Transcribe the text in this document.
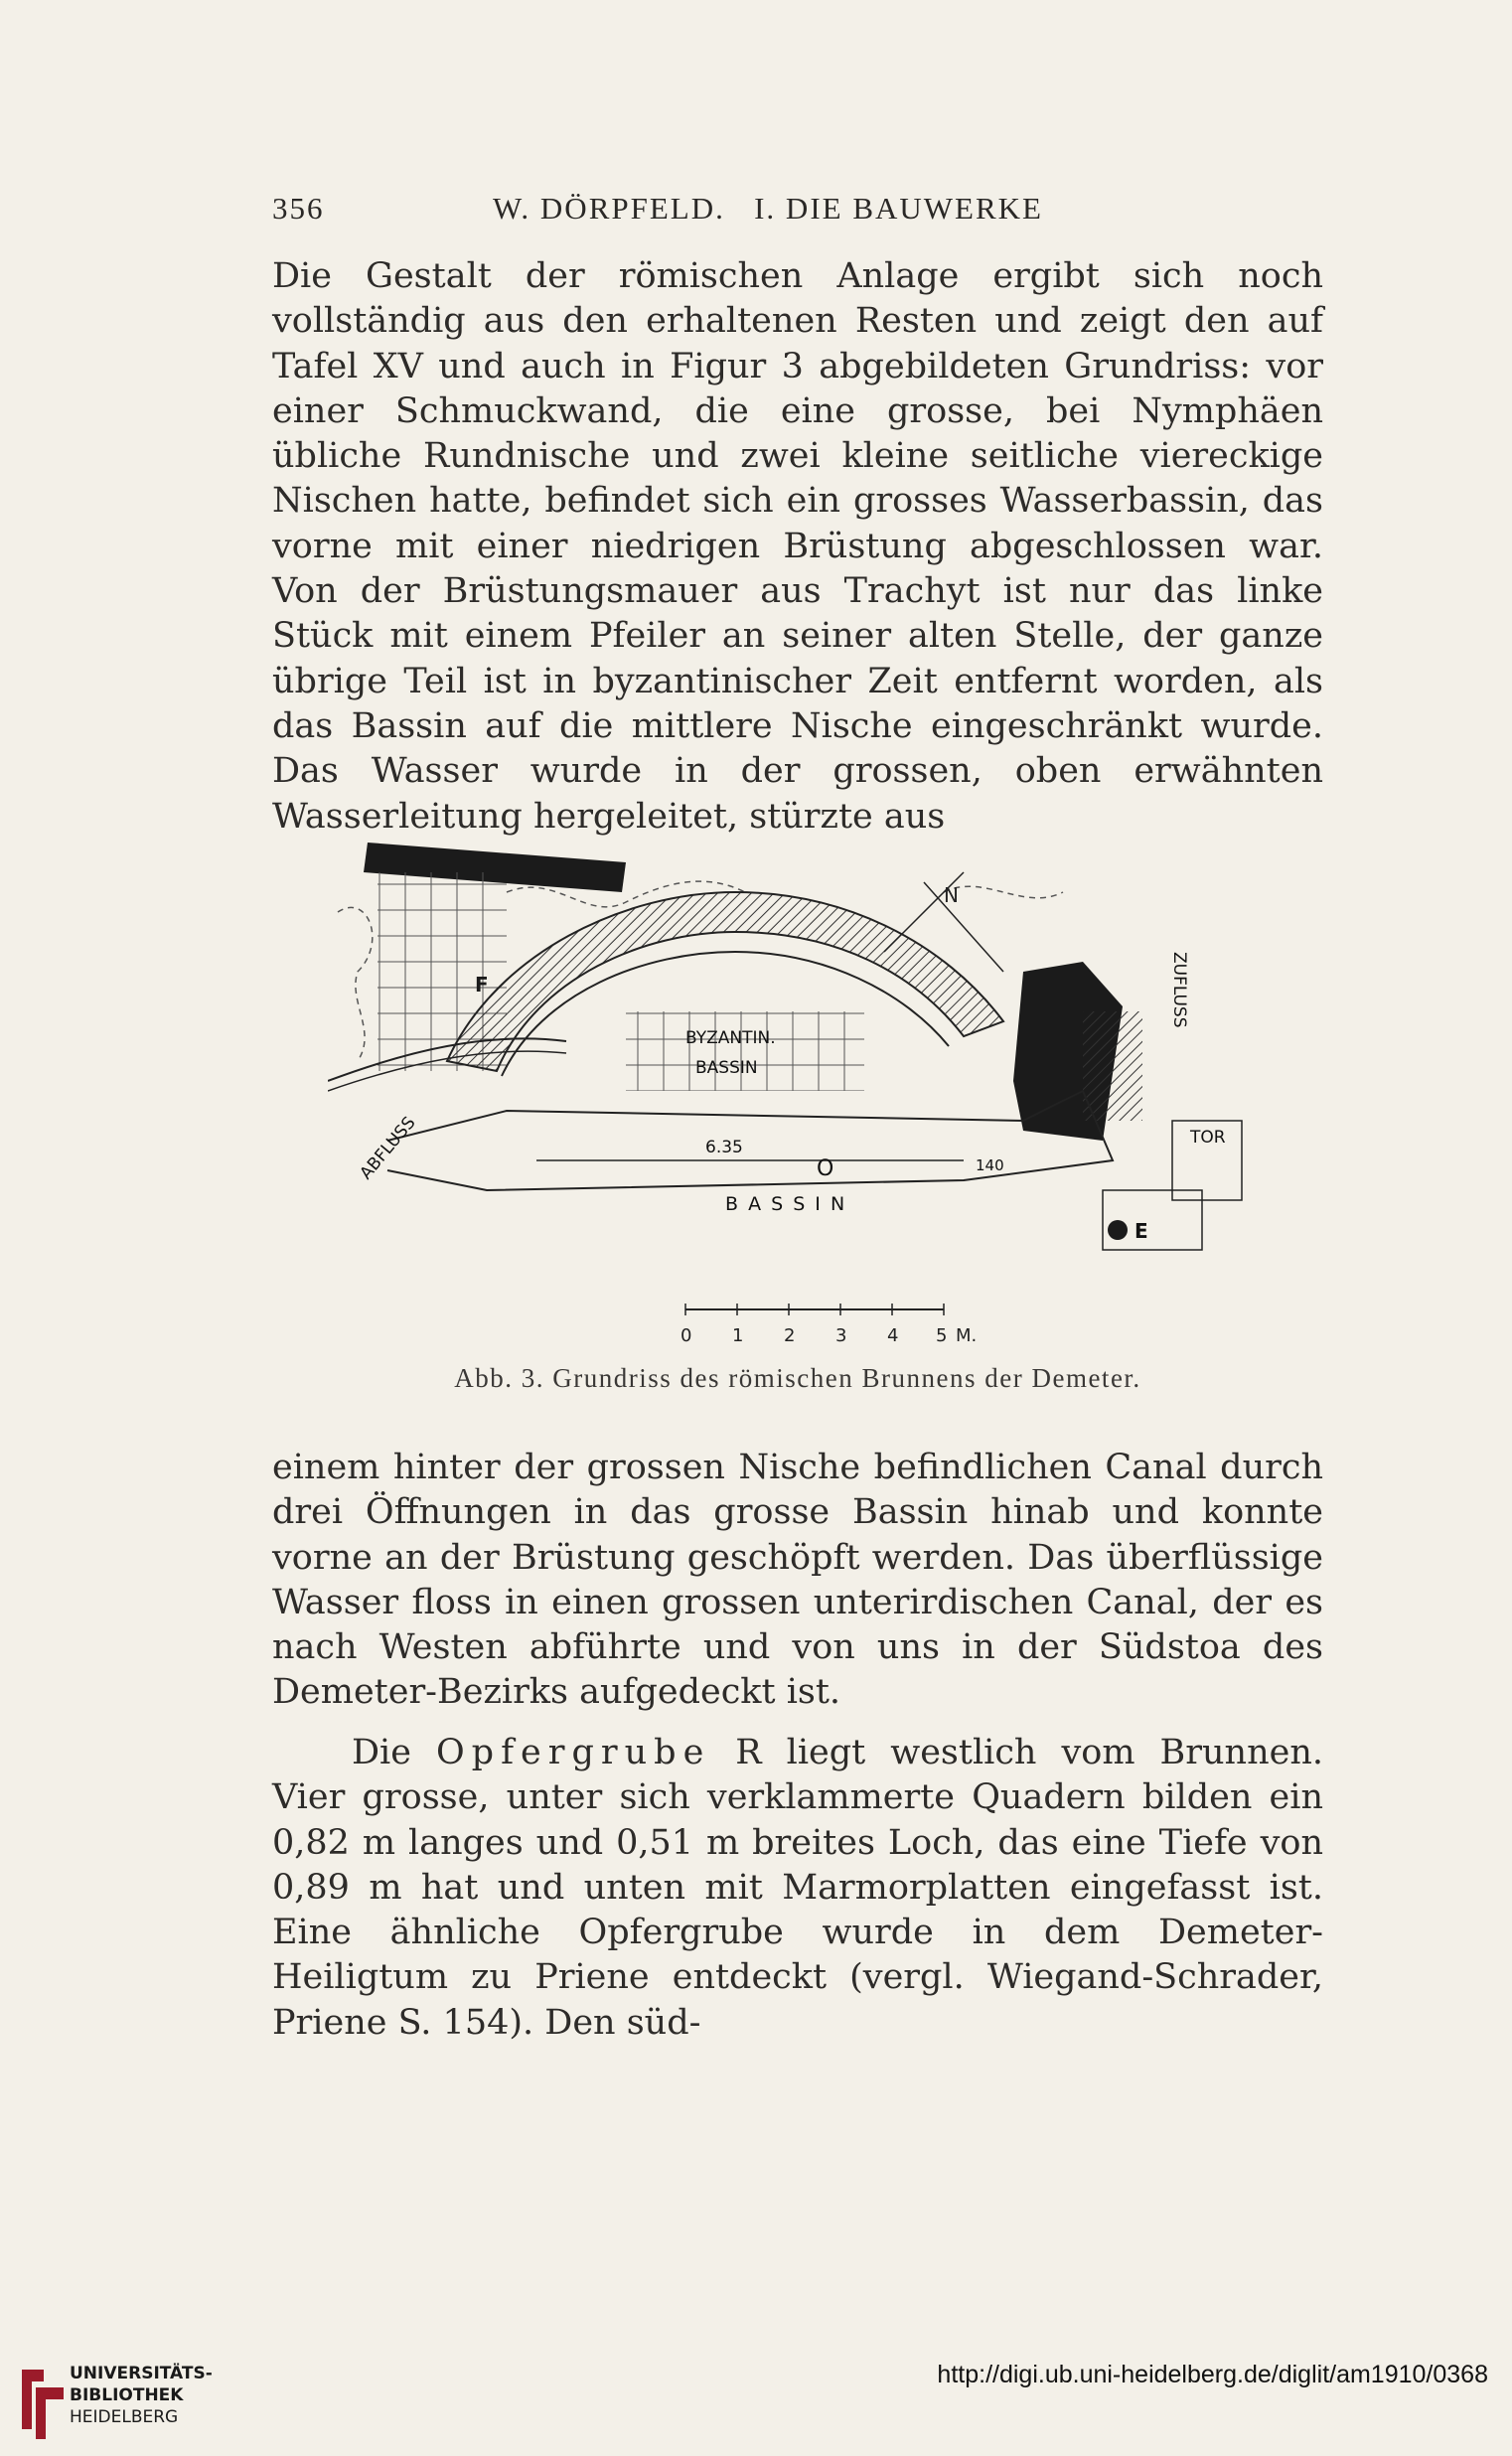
356	W. DÖRPFELD.   I. DIE BAUWERKE

Die Gestalt der römischen Anlage ergibt sich noch vollständig aus den erhaltenen Resten und zeigt den auf Tafel XV und auch in Figur 3 abgebildeten Grundriss: vor einer Schmuckwand, die eine grosse, bei Nymphäen übliche Rundnische und zwei kleine seitliche viereckige Nischen hatte, befindet sich ein grosses Wasserbassin, das vorne mit einer niedrigen Brüstung abgeschlossen war. Von der Brüstungsmauer aus Trachyt ist nur das linke Stück mit einem Pfeiler an seiner alten Stelle, der ganze übrige Teil ist in byzantinischer Zeit entfernt worden, als das Bassin auf die mittlere Nische eingeschränkt wurde. Das Wasser wurde in der grossen, oben erwähnten Wasserleitung hergeleitet, stürzte aus

F
N
BYZANTIN.
BASSIN
6.35
O	140
B A S S I N
ZUFLUSS
ABFLUSS	TOR
E
0 1 2 3 4 5 M.
Abb. 3. Grundriss des römischen Brunnens der Demeter.

einem hinter der grossen Nische befindlichen Canal durch drei Öffnungen in das grosse Bassin hinab und konnte vorne an der Brüstung geschöpft werden. Das überflüssige Wasser floss in einen grossen unterirdischen Canal, der es nach Westen abführte und von uns in der Südstoa des Demeter-Bezirks aufgedeckt ist.

Die Opfergrube R liegt westlich vom Brunnen. Vier grosse, unter sich verklammerte Quadern bilden ein 0,82 m langes und 0,51 m breites Loch, das eine Tiefe von 0,89 m hat und unten mit Marmorplatten eingefasst ist. Eine ähnliche Opfergrube wurde in dem Demeter-Heiligtum zu Priene entdeckt (vergl. Wiegand-Schrader, Priene S. 154). Den süd-

UNIVERSITÄTS-
BIBLIOTHEK
HEIDELBERG
http://digi.ub.uni-heidelberg.de/diglit/am1910/0368
